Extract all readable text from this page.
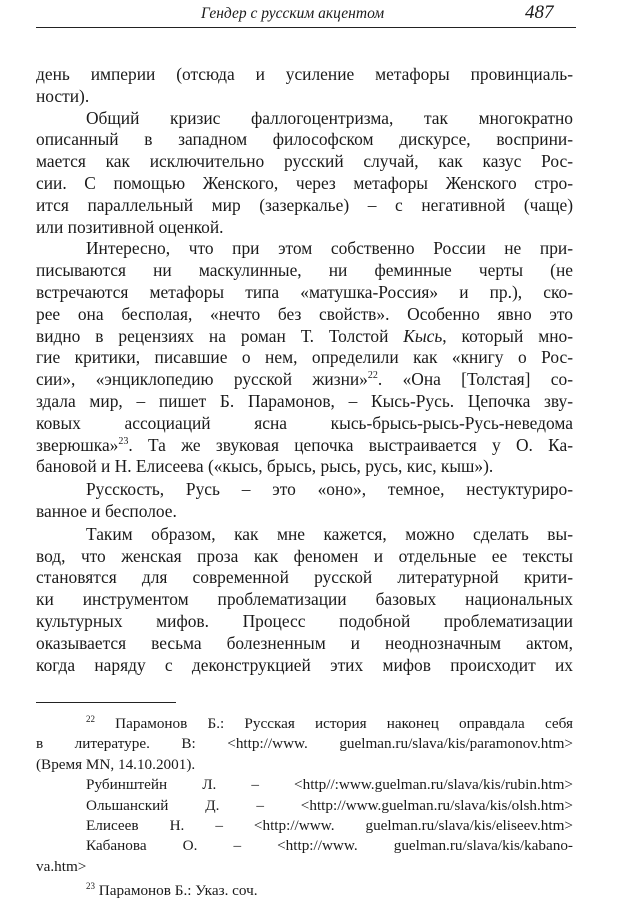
Гендер с русским акцентом	487
день империи (отсюда и усиление метафоры провинциаль-
ности).
Общий кризис фаллогоцентризма, так многократно
описанный в западном философском дискурсе, восприни-
мается как исключительно русский случай, как казус Рос-
сии. С помощью Женского, через метафоры Женского стро-
ится параллельный мир (зазеркалье) – с негативной (чаще)
или позитивной оценкой.
Интересно, что при этом собственно России не при-
писываются ни маскулинные, ни феминные черты (не
встречаются метафоры типа «матушка-Россия» и пр.), ско-
рее она бесполая, «нечто без свойств». Особенно явно это
видно в рецензиях на роман Т. Толстой Кысь, который мно-
гие критики, писавшие о нем, определили как «книгу о Рос-
сии», «энциклопедию русской жизни»$^{22}$. «Она [Толстая] со-
здала мир, – пишет Б. Парамонов, – Кысь-Русь. Цепочка зву-
ковых ассоциаций ясна кысь-брысь-рысь-Русь-неведома
зверюшка»$^{23}$. Та же звуковая цепочка выстраивается у О. Ка-
бановой и Н. Елисеева («кысь, брысь, рысь, русь, кис, кыш»).
Русскость, Русь – это «оно», темное, нестуктуриро-
ванное и бесполое.
Таким образом, как мне кажется, можно сделать вы-
вод, что женская проза как феномен и отдельные ее тексты
становятся для современной русской литературной крити-
ки инструментом проблематизации базовых национальных
культурных мифов. Процесс подобной проблематизации
оказывается весьма болезненным и неоднозначным актом,
когда наряду с деконструкцией этих мифов происходит их
$^{22}$ Парамонов Б.: Русская история наконец оправдала себя
в литературе. В: <http://www. guelman.ru/slava/kis/paramonov.htm>
(Время MN, 14.10.2001).
Рубинштейн Л. – <http//:www.guelman.ru/slava/kis/rubin.htm>
Ольшанский Д. – <http://www.guelman.ru/slava/kis/olsh.htm>
Елисеев Н. – <http://www. guelman.ru/slava/kis/eliseev.htm>
Кабанова О. – <http://www. guelman.ru/slava/kis/kabano-
va.htm>
$^{23}$ Парамонов Б.: Указ. соч.
